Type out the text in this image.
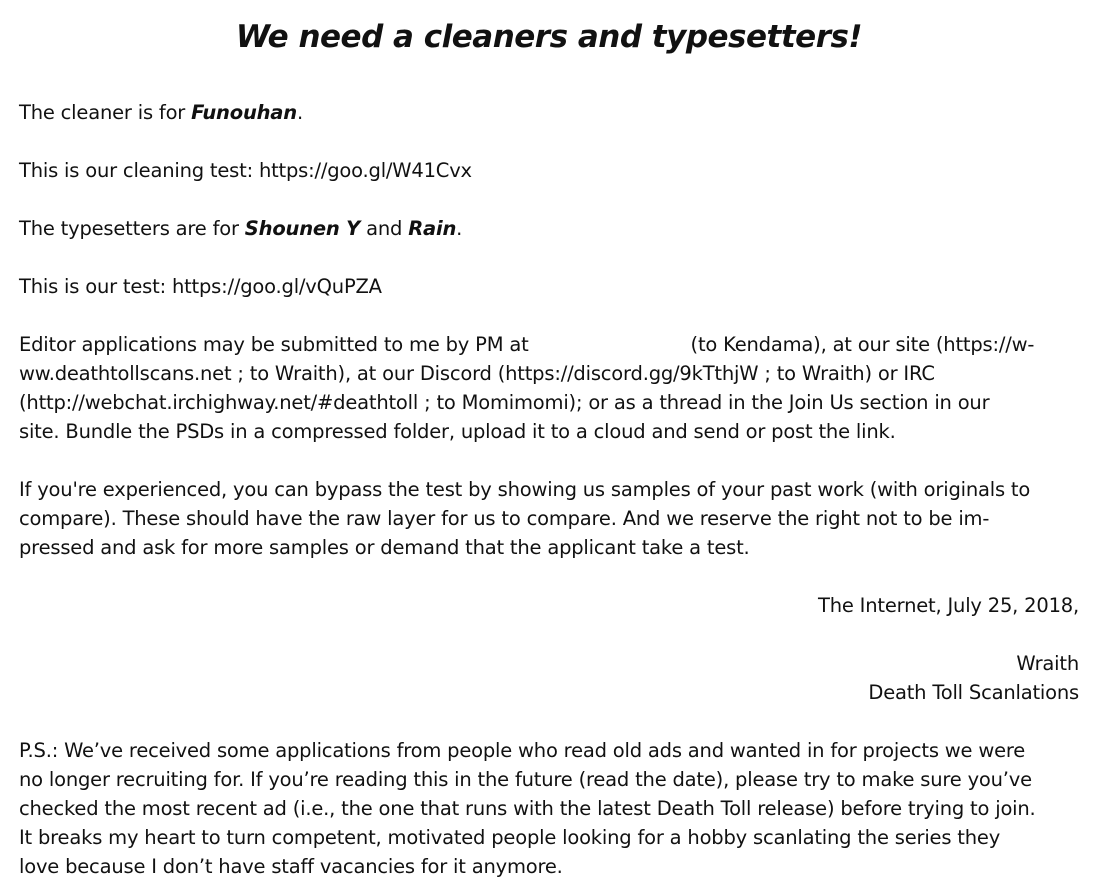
We need a cleaners and typesetters!

The cleaner is for Funouhan.

This is our cleaning test: https://goo.gl/W41Cvx

The typesetters are for Shounen Y and Rain.

This is our test: https://goo.gl/vQuPZA

Editor applications may be submitted to me by PM at	(to Kendama), at our site (https://w-

ww.deathtollscans.net ; to Wraith), at our Discord (https://discord.gg/9kTthjW ; to Wraith) or IRC

(http://webchat.irchighway.net/#deathtoll ; to Momimomi); or as a thread in the Join Us section in our

site. Bundle the PSDs in a compressed folder, upload it to a cloud and send or post the link.

If you're experienced, you can bypass the test by showing us samples of your past work (with originals to

compare). These should have the raw layer for us to compare. And we reserve the right not to be im-

pressed and ask for more samples or demand that the applicant take a test.

The Internet, July 25, 2018,

Wraith

Death Toll Scanlations

P.S.: We’ve received some applications from people who read old ads and wanted in for projects we were

no longer recruiting for. If you’re reading this in the future (read the date), please try to make sure you’ve

checked the most recent ad (i.e., the one that runs with the latest Death Toll release) before trying to join.

It breaks my heart to turn competent, motivated people looking for a hobby scanlating the series they

love because I don’t have staff vacancies for it anymore.
